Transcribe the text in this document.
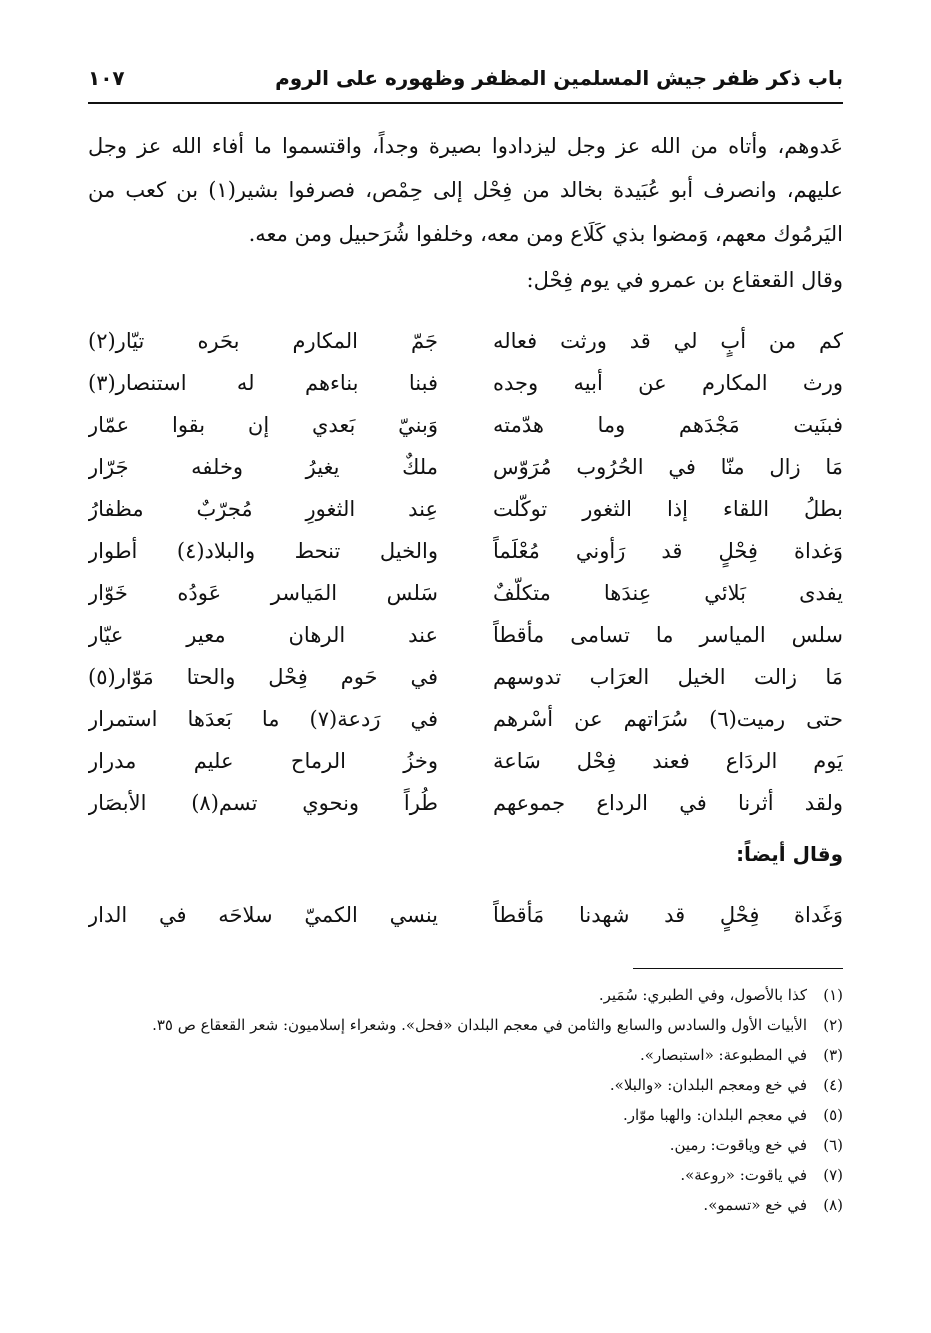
باب ذكر ظفر جيش المسلمين المظفر وظهوره على الروم
١٠٧

عَدوهم، وأتاه من الله عز وجل ليزدادوا بصيرة وجداً، واقتسموا ما أفاء الله عز وجل عليهم، وانصرف أبو عُبَيدة بخالد من فِحْل إلى حِمْص، فصرفوا بشير(١) بن كعب من اليَرمُوك معهم، وَمضوا بذي كَلَاع ومن معه، وخلفوا شُرَحبيل ومن معه.

وقال القعقاع بن عمرو في يوم فِحْل:
كم من أبٍ لي قد ورثت فعاله
جَمّ المكارم بحَره تيّار(٢)
ورث المكارم عن أبيه وجده
فبنا بناءهم له استنصار(٣)
فبنَيت مَجْدَهم وما هدّمته
وَبنيّ بَعدي إن بقوا عمّار
مَا زال منّا في الحُرُوب مُرَوّس
ملكٌ يغيرُ وخلفه جَرّار
بطلُ اللقاء إذا الثغور توكّلت
عِند الثغورِ مُجرّبٌ مظفارُ
وَغداة فِحْلٍ قد رَأوني مُعْلَماً
والخيل تنحط والبلاد(٤) أطوار
يفدى بَلائي عِندَها متكلّفٌ
سَلس المَياسر عَودُه خَوّار
سلس المياسر ما تسامى مأقطاً
عند الرهان معير عيّار
مَا زالت الخيل العرَاب تدوسهم
في حَوم فِحْل والحتا مَوّار(٥)
حتى رميت(٦) سُرَاتهم عن أسْرهم
في رَدعة(٧) ما بَعدَها استمرار
يَوم الردَاع فعند فِحْل سَاعة
وخزُ الرماح عليم مدرار
ولقد أثرنا في الرداع جموعهم
طُراً ونحوي تسم(٨) الأبصَار
وقال أيضاً:
وَغَداة فِحْلٍ قد شهدنا مَأقطاً
ينسي الكميّ سلاحَه في الدار
(١)
كذا بالأصول، وفي الطبري: سُمَير.
(٢)
الأبيات الأول والسادس والسابع والثامن في معجم البلدان «فحل». وشعراء إسلاميون: شعر القعقاع ص ٣٥.
(٣)
في المطبوعة: «استبصار».
(٤)
في خ‍ع ومعجم البلدان: «والبلا».
(٥)
في معجم البلدان: والهبا موّار.
(٦)
في خ‍ع وياقوت: رمين.
(٧)
في ياقوت: «روعة».
(٨)
في خ‍ع «تسمو».
